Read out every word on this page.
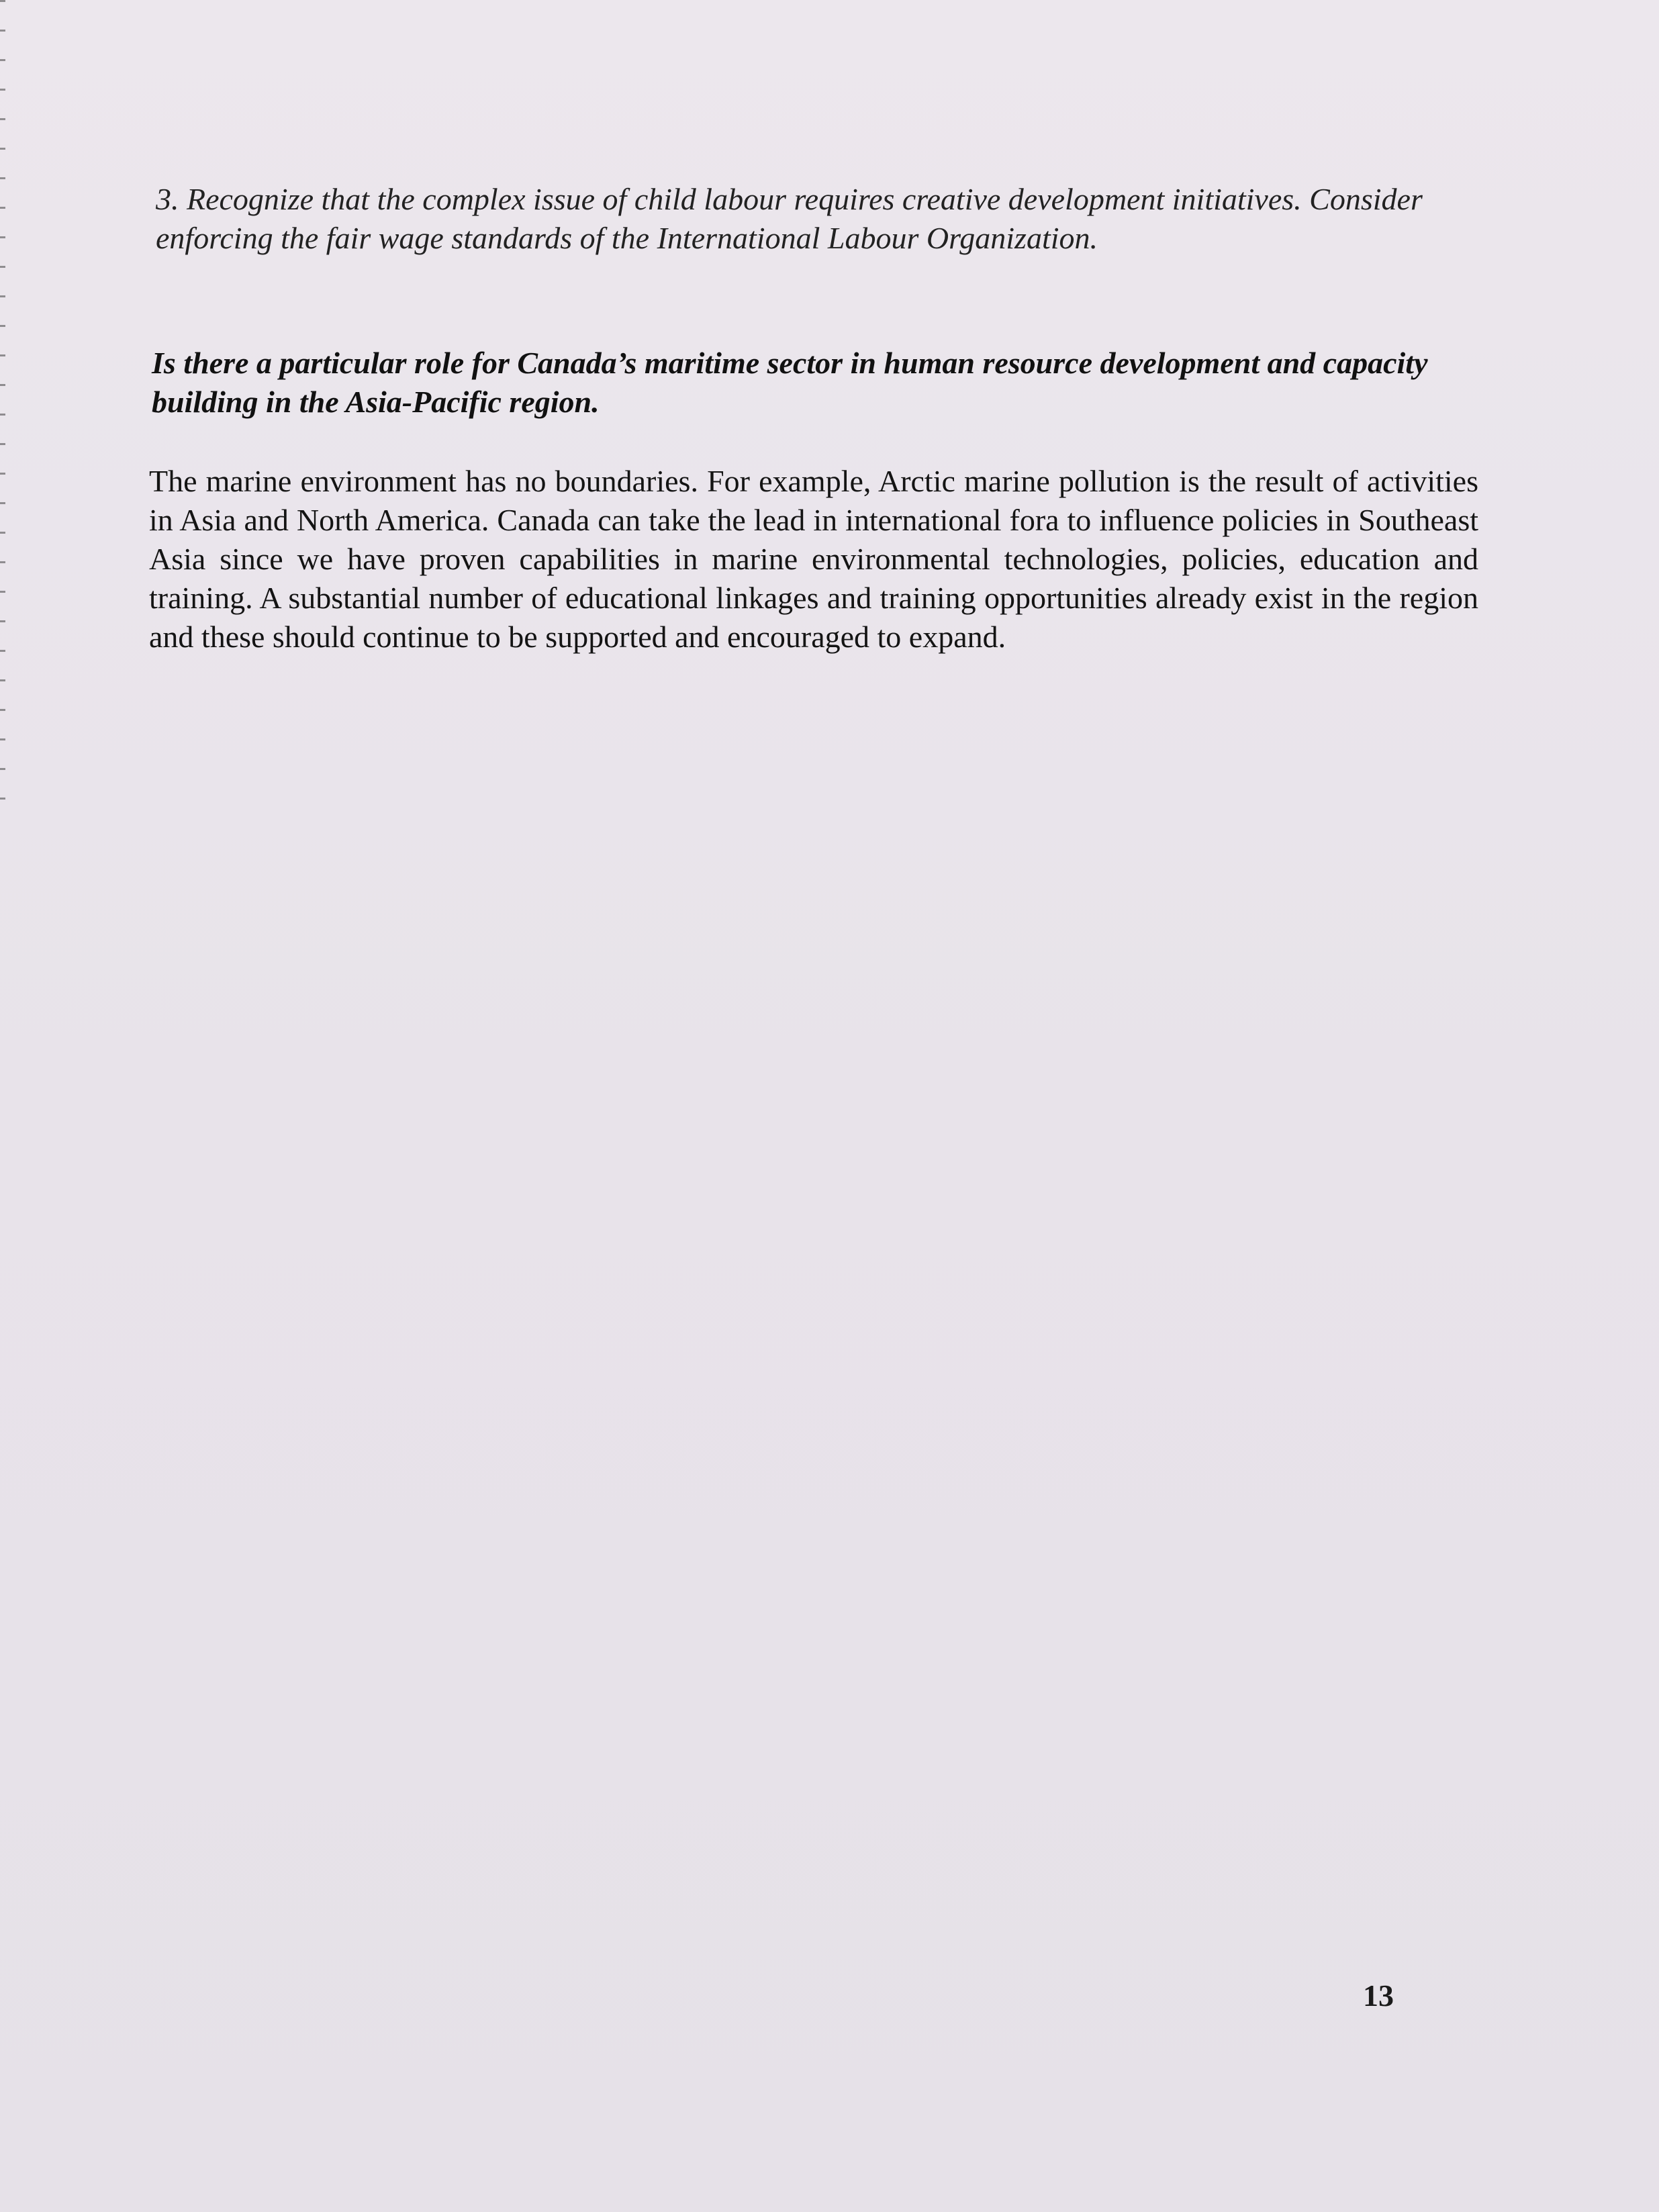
3. Recognize that the complex issue of child labour requires creative development initiatives. Consider enforcing the fair wage standards of the International Labour Organization.

Is there a particular role for Canada’s maritime sector in human resource development and capacity building in the Asia-Pacific region.

The marine environment has no boundaries. For example, Arctic marine pollution is the result of activities in Asia and North America. Canada can take the lead in international fora to influence policies in Southeast Asia since we have proven capabilities in marine environmental technologies, policies, education and training. A substantial number of educational linkages and training opportunities already exist in the region and these should continue to be supported and encouraged to expand.

13
